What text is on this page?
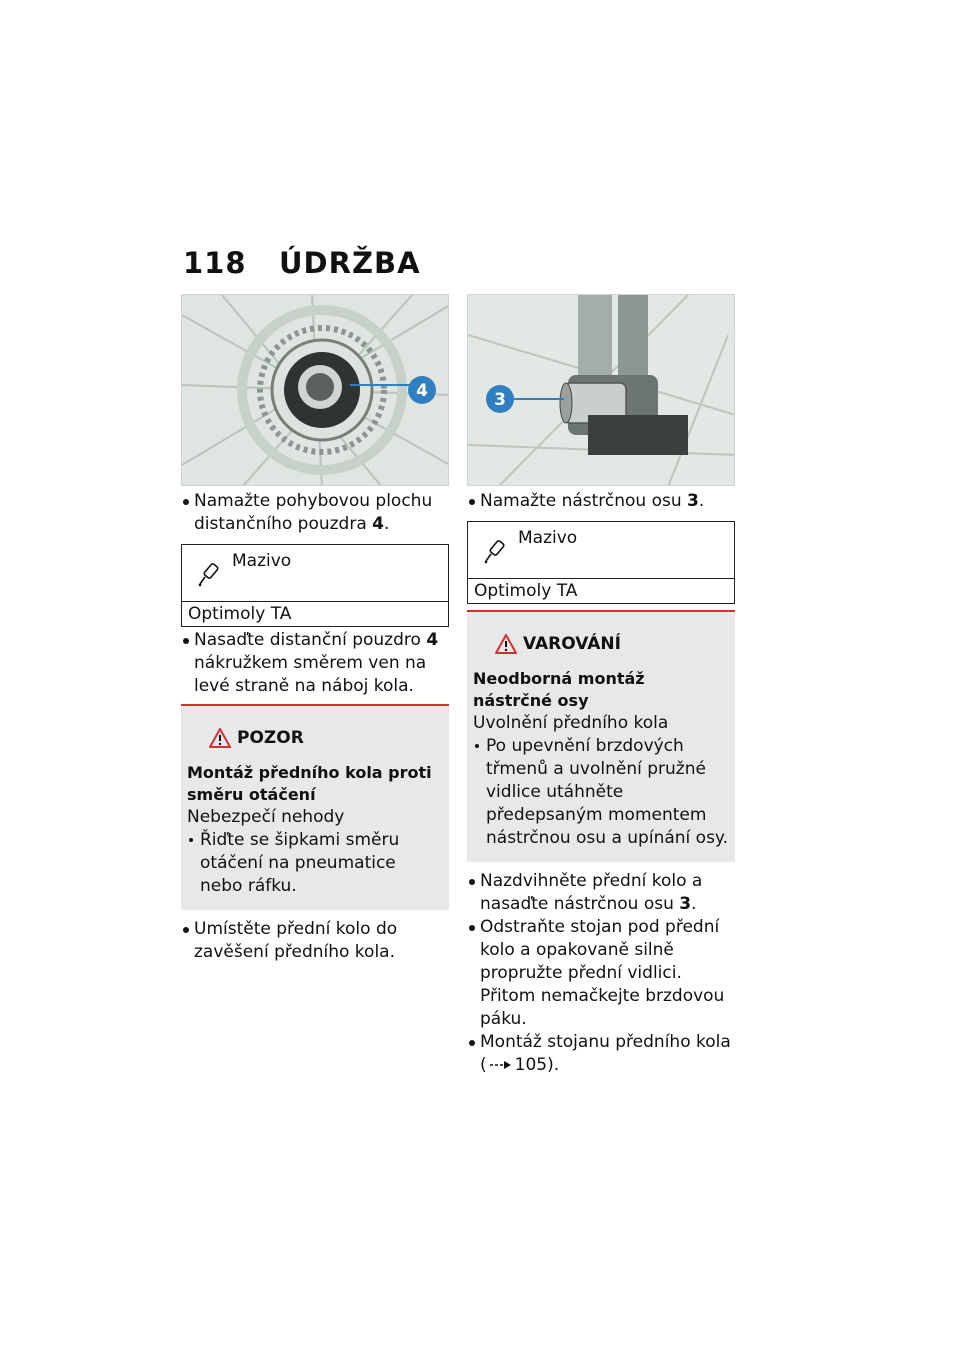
118 ÚDRŽBA
4
Namažte pohybovou plochu distančního pouzdra 4.
Mazivo
Optimoly TA
Nasaďte distanční pouzdro 4 nákružkem směrem ven na levé straně na náboj kola.
POZOR
Montáž předního kola proti směru otáčení
Nebezpečí nehody
Řiďte se šipkami směru otáčení na pneumatice nebo ráfku.
Umístěte přední kolo do zavěšení předního kola.
3
Namažte nástrčnou osu 3.
Mazivo
Optimoly TA
VAROVÁNÍ
Neodborná montáž nástrčné osy
Uvolnění předního kola
Po upevnění brzdových třmenů a uvolnění pružné vidlice utáhněte předepsaným momentem nástrčnou osu a upínání osy.
Nazdvihněte přední kolo a nasaďte nástrčnou osu 3.
Odstraňte stojan pod přední kolo a opakovaně silně propružte přední vidlici. Přitom nemačkejte brzdovou páku.
Montáž stojanu předního kola ( 105).
